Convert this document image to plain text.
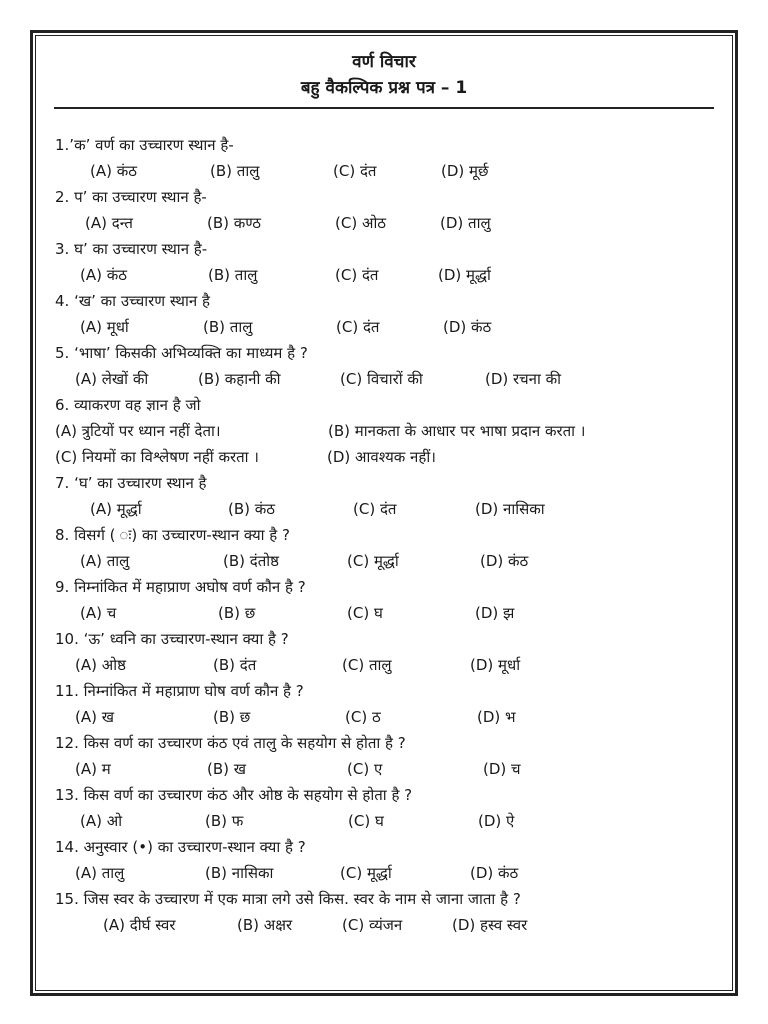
वर्ण विचार
बहु वैकल्पिक प्रश्न पत्र – 1
1.’क’ वर्ण का उच्चारण स्थान है-
(A) कंठ	(B) तालु	(C) दंत	(D) मूर्छ
2. प’ का उच्चारण स्थान है-
(A) दन्त	(B) कण्ठ	(C) ओठ	(D) तालु
3. घ’ का उच्चारण स्थान है-
(A) कंठ	(B) तालु	(C) दंत	(D) मूर्द्धा
4. ‘ख’ का उच्चारण स्थान है
(A) मूर्धा	(B) तालु	(C) दंत	(D) कंठ
5. ‘भाषा’ किसकी अभिव्यक्ति का माध्यम है ?
(A) लेखों की	(B) कहानी की	(C) विचारों की	(D) रचना की
6. व्याकरण वह ज्ञान है जो
(A) त्रुटियों पर ध्यान नहीं देता।	(B) मानकता के आधार पर भाषा प्रदान करता ।
(C) नियमों का विश्लेषण नहीं करता ।	(D) आवश्यक नहीं।
7. ‘घ’ का उच्चारण स्थान है
(A) मूर्द्धा	(B) कंठ	(C) दंत	(D) नासिका
8. विसर्ग ( ः) का उच्चारण-स्थान क्या है ?
(A) तालु	(B) दंतोष्ठ	(C) मूर्द्धा	(D) कंठ
9. निम्नांकित में महाप्राण अघोष वर्ण कौन है ?
(A) च	(B) छ	(C) घ	(D) झ
10. ‘ऊ’ ध्वनि का उच्चारण-स्थान क्या है ?
(A) ओष्ठ	(B) दंत	(C) तालु	(D) मूर्धा
11. निम्नांकित में महाप्राण घोष वर्ण कौन है ?
(A) ख	(B) छ	(C) ठ	(D) भ
12. किस वर्ण का उच्चारण कंठ एवं तालु के सहयोग से होता है ?
(A) म	(B) ख	(C) ए	(D) च
13. किस वर्ण का उच्चारण कंठ और ओष्ठ के सहयोग से होता है ?
(A) ओ	(B) फ	(C) घ	(D) ऐ
14. अनुस्वार (•) का उच्चारण-स्थान क्या है ?
(A) तालु	(B) नासिका	(C) मूर्द्धा	(D) कंठ
15. जिस स्वर के उच्चारण में एक मात्रा लगे उसे किस. स्वर के नाम से जाना जाता है ?
(A) दीर्घ स्वर	(B) अक्षर	(C) व्यंजन	(D) हस्व स्वर
